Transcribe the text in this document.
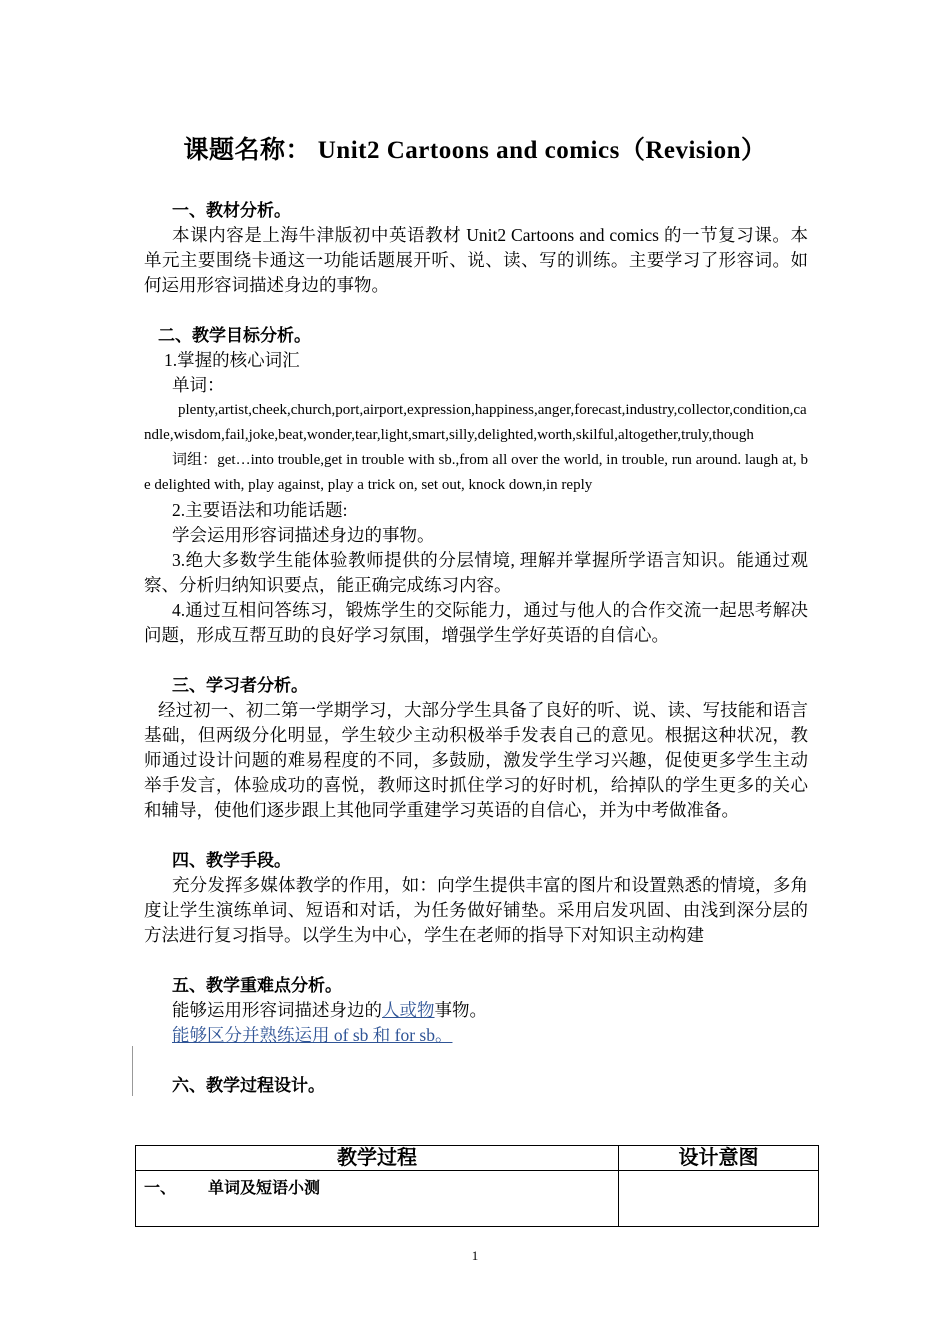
课题名称： Unit2 Cartoons and comics（Revision）

一、教材分析。

本课内容是上海牛津版初中英语教材 Unit2 Cartoons and comics 的一节复习课。本单元主要围绕卡通这一功能话题展开听、说、读、写的训练。主要学习了形容词。如何运用形容词描述身边的事物。

二、教学目标分析。

1.掌握的核心词汇

单词：

plenty,artist,cheek,church,port,airport,expression,happiness,anger,forecast,industry,collector,condition,candle,wisdom,fail,joke,beat,wonder,tear,light,smart,silly,delighted,worth,skilful,altogether,truly,though

词组：get…into trouble,get in trouble with sb.,from all over the world, in trouble, run around. laugh at, be delighted with, play against, play a trick on, set out, knock down,in reply

2.主要语法和功能话题:

学会运用形容词描述身边的事物。

3.绝大多数学生能体验教师提供的分层情境, 理解并掌握所学语言知识。能通过观察、分析归纳知识要点，能正确完成练习内容。

4.通过互相问答练习，锻炼学生的交际能力，通过与他人的合作交流一起思考解决问题，形成互帮互助的良好学习氛围，增强学生学好英语的自信心。

三、学习者分析。

经过初一、初二第一学期学习，大部分学生具备了良好的听、说、读、写技能和语言基础，但两级分化明显，学生较少主动积极举手发表自己的意见。根据这种状况，教师通过设计问题的难易程度的不同，多鼓励，激发学生学习兴趣，促使更多学生主动举手发言，体验成功的喜悦，教师这时抓住学习的好时机，给掉队的学生更多的关心和辅导，使他们逐步跟上其他同学重建学习英语的自信心，并为中考做准备。

四、教学手段。

充分发挥多媒体教学的作用，如：向学生提供丰富的图片和设置熟悉的情境，多角度让学生演练单词、短语和对话，为任务做好铺垫。采用启发巩固、由浅到深分层的方法进行复习指导。以学生为中心，学生在老师的指导下对知识主动构建

五、教学重难点分析。

能够运用形容词描述身边的人或物事物。

能够区分并熟练运用 of sb 和 for sb。

六、教学过程设计。

教学过程	设计意图
一、 单词及短语小测	
1
